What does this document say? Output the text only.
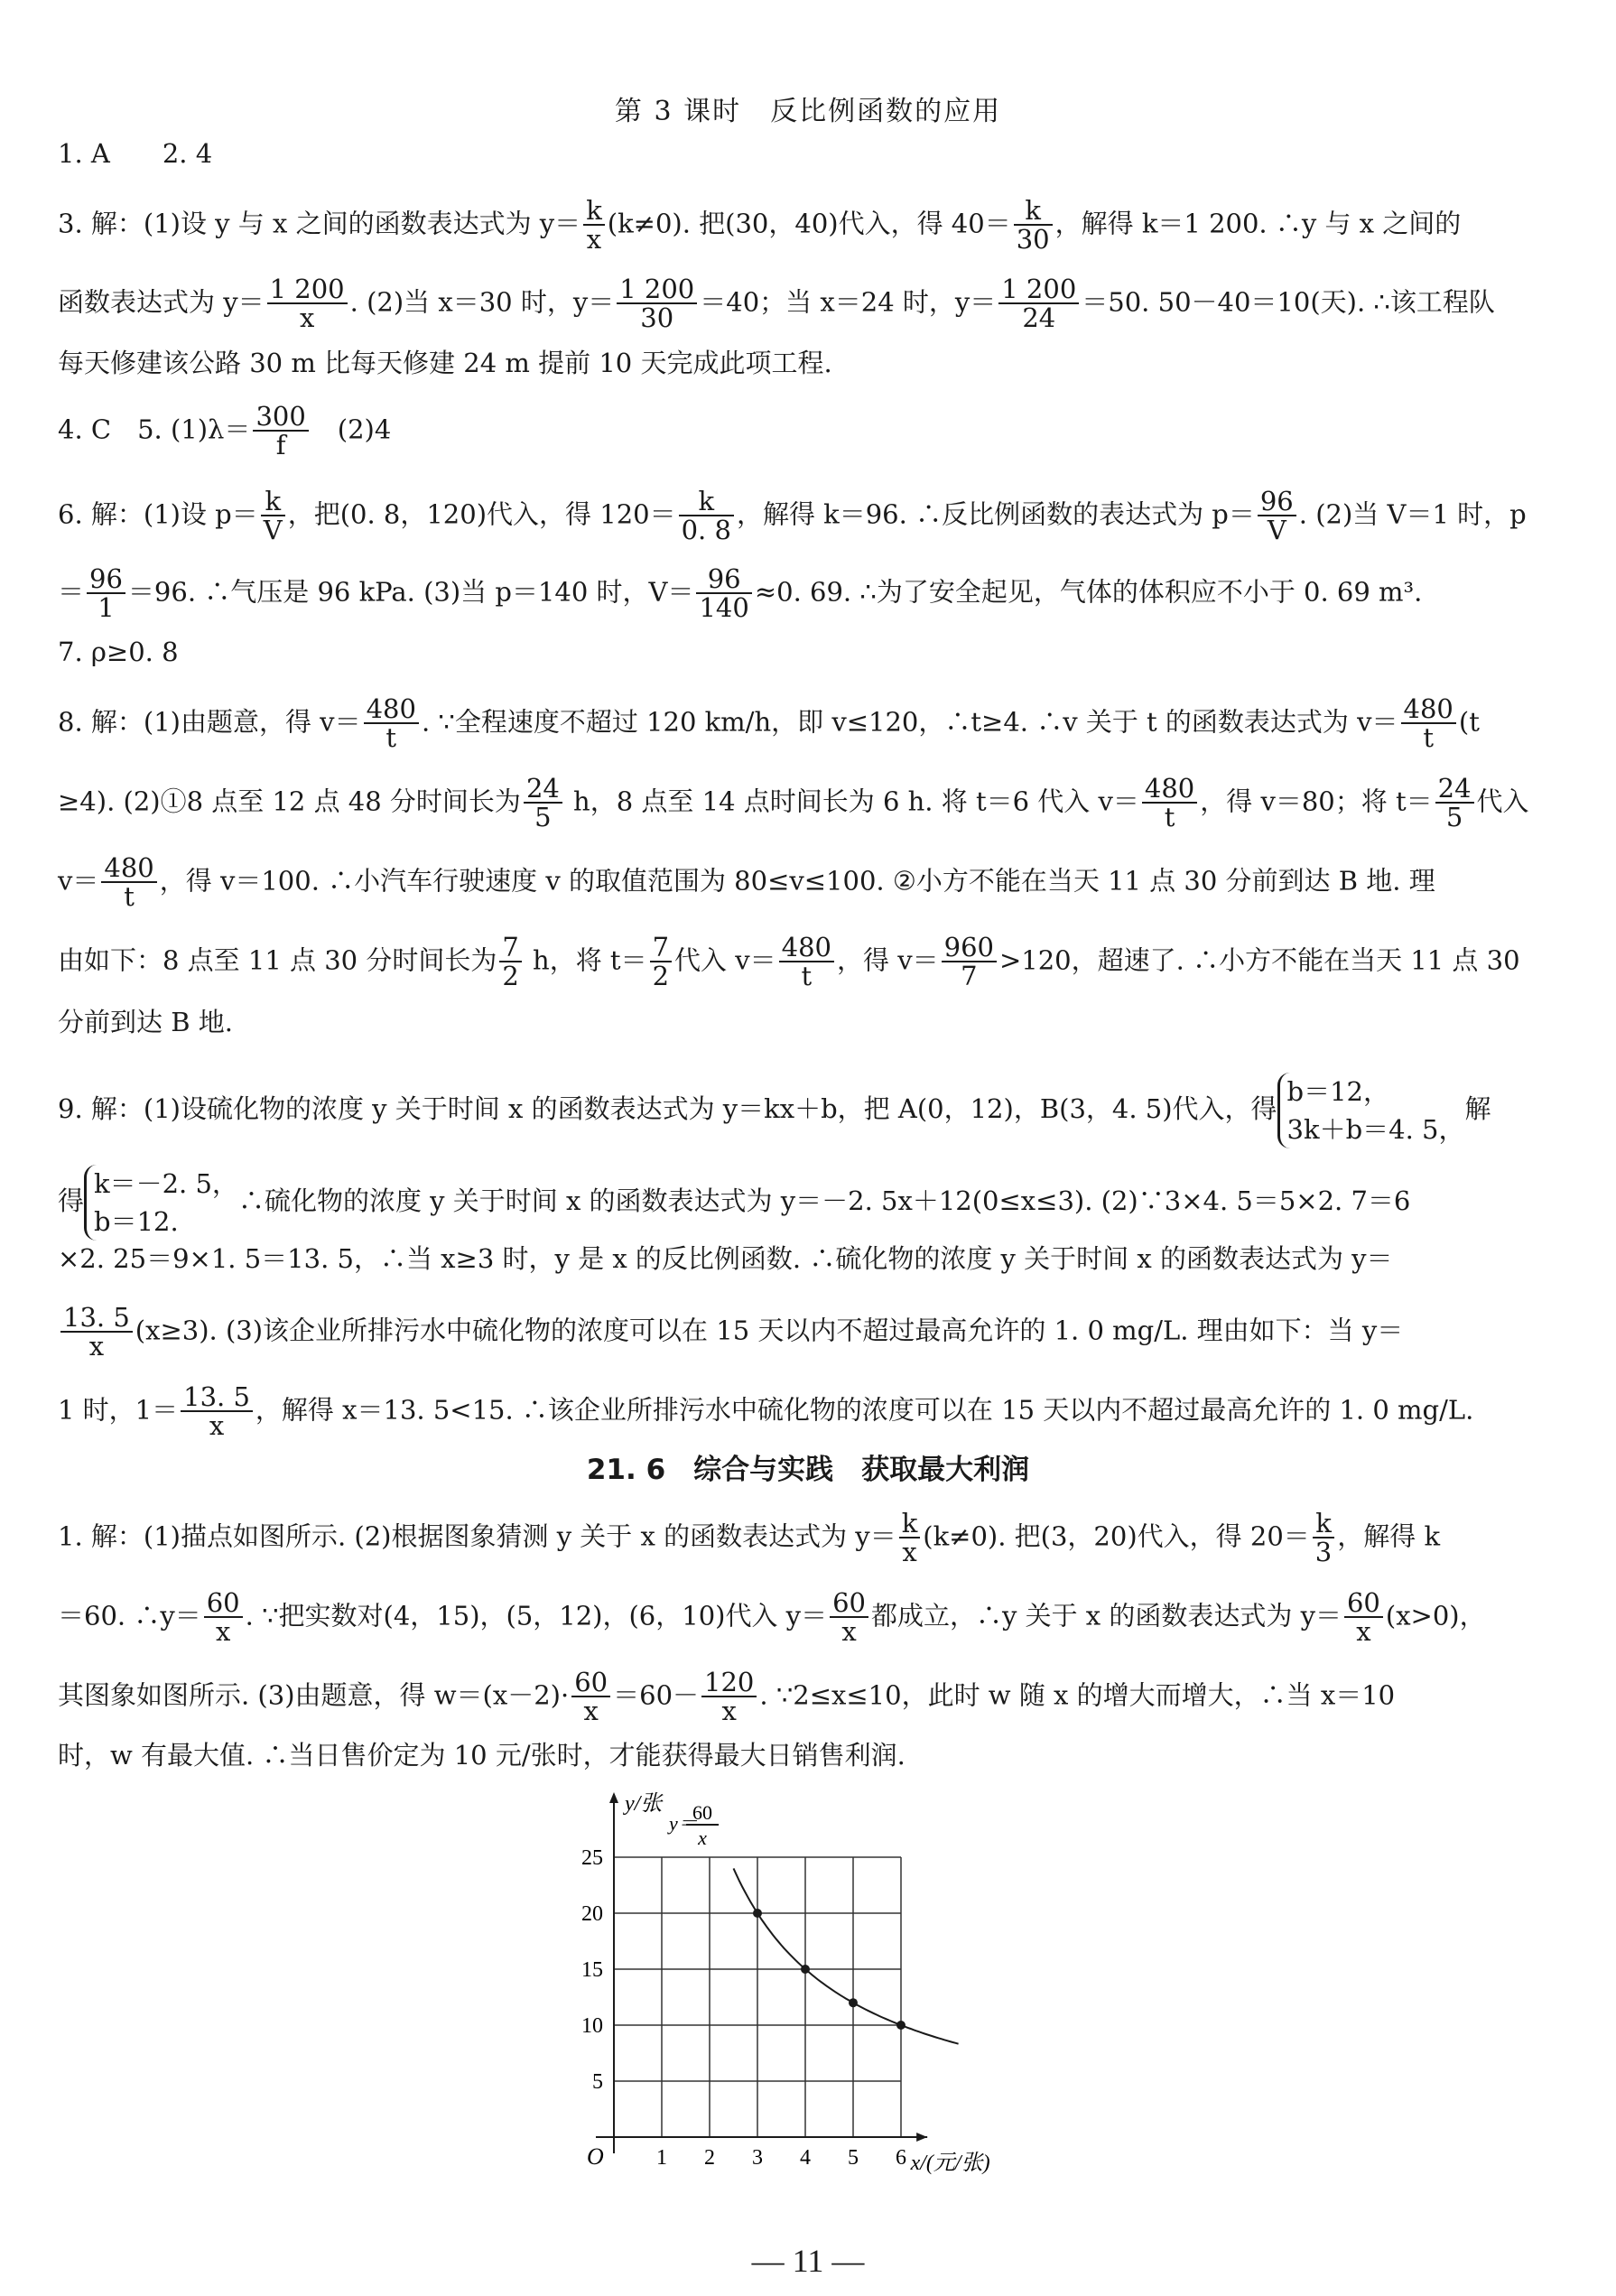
第 3 课时　反比例函数的应用
1. A　　 2. 4
3. 解：(1)设 y 与 x 之间的函数表达式为 $y= \frac{k}{x} (k\ne 0)$. 把(30，40)代入，得 $40= \frac{k}{30}$ ，解得 k＝1 200. ∴y 与 x 之间的
函数表达式为 $y= \frac{1 200}{x}$ . (2)当 x＝30 时，$y= \frac{1 200}{30} =40$；当 x＝24 时，$y= \frac{1 200}{24} =50$. 50－40＝10(天). ∴该工程队
每天修建该公路 30 m 比每天修建 24 m 提前 10 天完成此项工程.
4. C　5. $(1)\lambda= \frac{300}{f}$ 　(2)4
6. 解：(1)设 $p= \frac{k}{V}$ ，把(0. 8，120)代入，得 $120= \frac{k}{0. 8}$ ，解得 k＝96. ∴反比例函数的表达式为 $p= \frac{96}{V}$ . (2)当 V＝1 时，p
＝ $\frac{96}{1} =96$. ∴气压是 96 kPa. (3)当 p＝140 时，$V= \frac{96}{140} \approx 0$. 69. ∴为了安全起见，气体的体积应不小于 0. 69 m³.
7. ρ≥0. 8
8. 解：(1)由题意，得 $v= \frac{480}{t}$ . ∵全程速度不超过 120 km/h，即 v≤120，∴t≥4. ∴v 关于 t 的函数表达式为 $v= \frac{480}{t} (t$
≥4). (2)①8 点至 12 点 48 分时间长为 $\frac{24}{5}$ h，8 点至 14 点时间长为 6 h. 将 t＝6 代入 $v= \frac{480}{t}$ ，得 v＝80；将 $t= \frac{24}{5}$ 代入
$v= \frac{480}{t}$ ，得 v＝100. ∴小汽车行驶速度 v 的取值范围为 80≤v≤100. ②小方不能在当天 11 点 30 分前到达 B 地. 理
由如下：8 点至 11 点 30 分时间长为 $\frac{7}{2}$ h，将 $t= \frac{7}{2}$ 代入 $v= \frac{480}{t}$ ，得 $v= \frac{960}{7} >120$，超速了. ∴小方不能在当天 11 点 30
分前到达 B 地.
9. 解：(1)设硫化物的浓度 y 关于时间 x 的函数表达式为 y＝kx＋b，把 A(0，12)，B(3，4. 5)代入，得
b＝12，
3k＋b＝4. 5，
解
得
k＝－2. 5，
b＝12.
∴硫化物的浓度 y 关于时间 x 的函数表达式为 y＝－2. 5x＋12(0≤x≤3). (2)∵3×4. 5＝5×2. 7＝6
×2. 25＝9×1. 5＝13. 5，∴当 x≥3 时，y 是 x 的反比例函数. ∴硫化物的浓度 y 关于时间 x 的函数表达式为 y＝
$\frac{13. 5}{x} (x\ge 3)$. (3)该企业所排污水中硫化物的浓度可以在 15 天以内不超过最高允许的 1. 0 mg/L. 理由如下：当 y＝
1 时，$1= \frac{13. 5}{x}$ ，解得 x＝13. 5<15. ∴该企业所排污水中硫化物的浓度可以在 15 天以内不超过最高允许的 1. 0 mg/L.
21. 6　综合与实践　获取最大利润
1. 解：(1)描点如图所示. (2)根据图象猜测 y 关于 x 的函数表达式为 $y= \frac{k}{x} (k\ne 0)$. 把(3，20)代入，得 $20= \frac{k}{3}$ ，解得 k
＝60. ∴y＝ $\frac{60}{x}$ . ∵把实数对(4，15)，(5，12)，(6，10)代入 $y= \frac{60}{x}$ 都成立，∴y 关于 x 的函数表达式为 $y= \frac{60}{x} (x>0)$，
其图象如图所示. (3)由题意，得 $w=(x-2)\cdot \frac{60}{x} =60- \frac{120}{x}$ . ∵2≤x≤10，此时 w 随 x 的增大而增大，∴当 x＝10
时，w 有最大值. ∴当日售价定为 10 元/张时，才能获得最大日销售利润.
1 2 3 4 5 6
5
10
15
20
25
y/张
x/(元/张)
O
y＝
60
x
— 11 —
